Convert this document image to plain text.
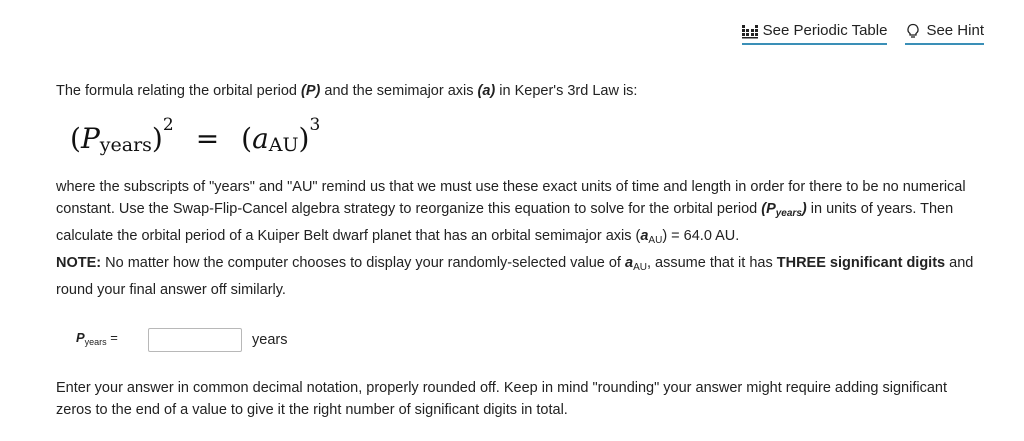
See Periodic Table	See Hint

The formula relating the orbital period (P) and the semimajor axis (a) in Keper's 3rd Law is:

( P years ) 2 = ( a AU ) 3

where the subscripts of "years" and "AU" remind us that we must use these exact units of time and length in order for there to be no numerical constant. Use the Swap-Flip-Cancel algebra strategy to reorganize this equation to solve for the orbital period $(P_{years})$ in units of years. Then calculate the orbital period of a Kuiper Belt dwarf planet that has an orbital semimajor axis $(a_{AU}) = 64.0$ AU.
NOTE: No matter how the computer chooses to display your randomly-selected value of $a_{AU}$, assume that it has THREE significant digits and round your final answer off similarly.

$P_{years}$ =	years

Enter your answer in common decimal notation, properly rounded off. Keep in mind "rounding" your answer might require adding significant zeros to the end of a value to give it the right number of significant digits in total.
